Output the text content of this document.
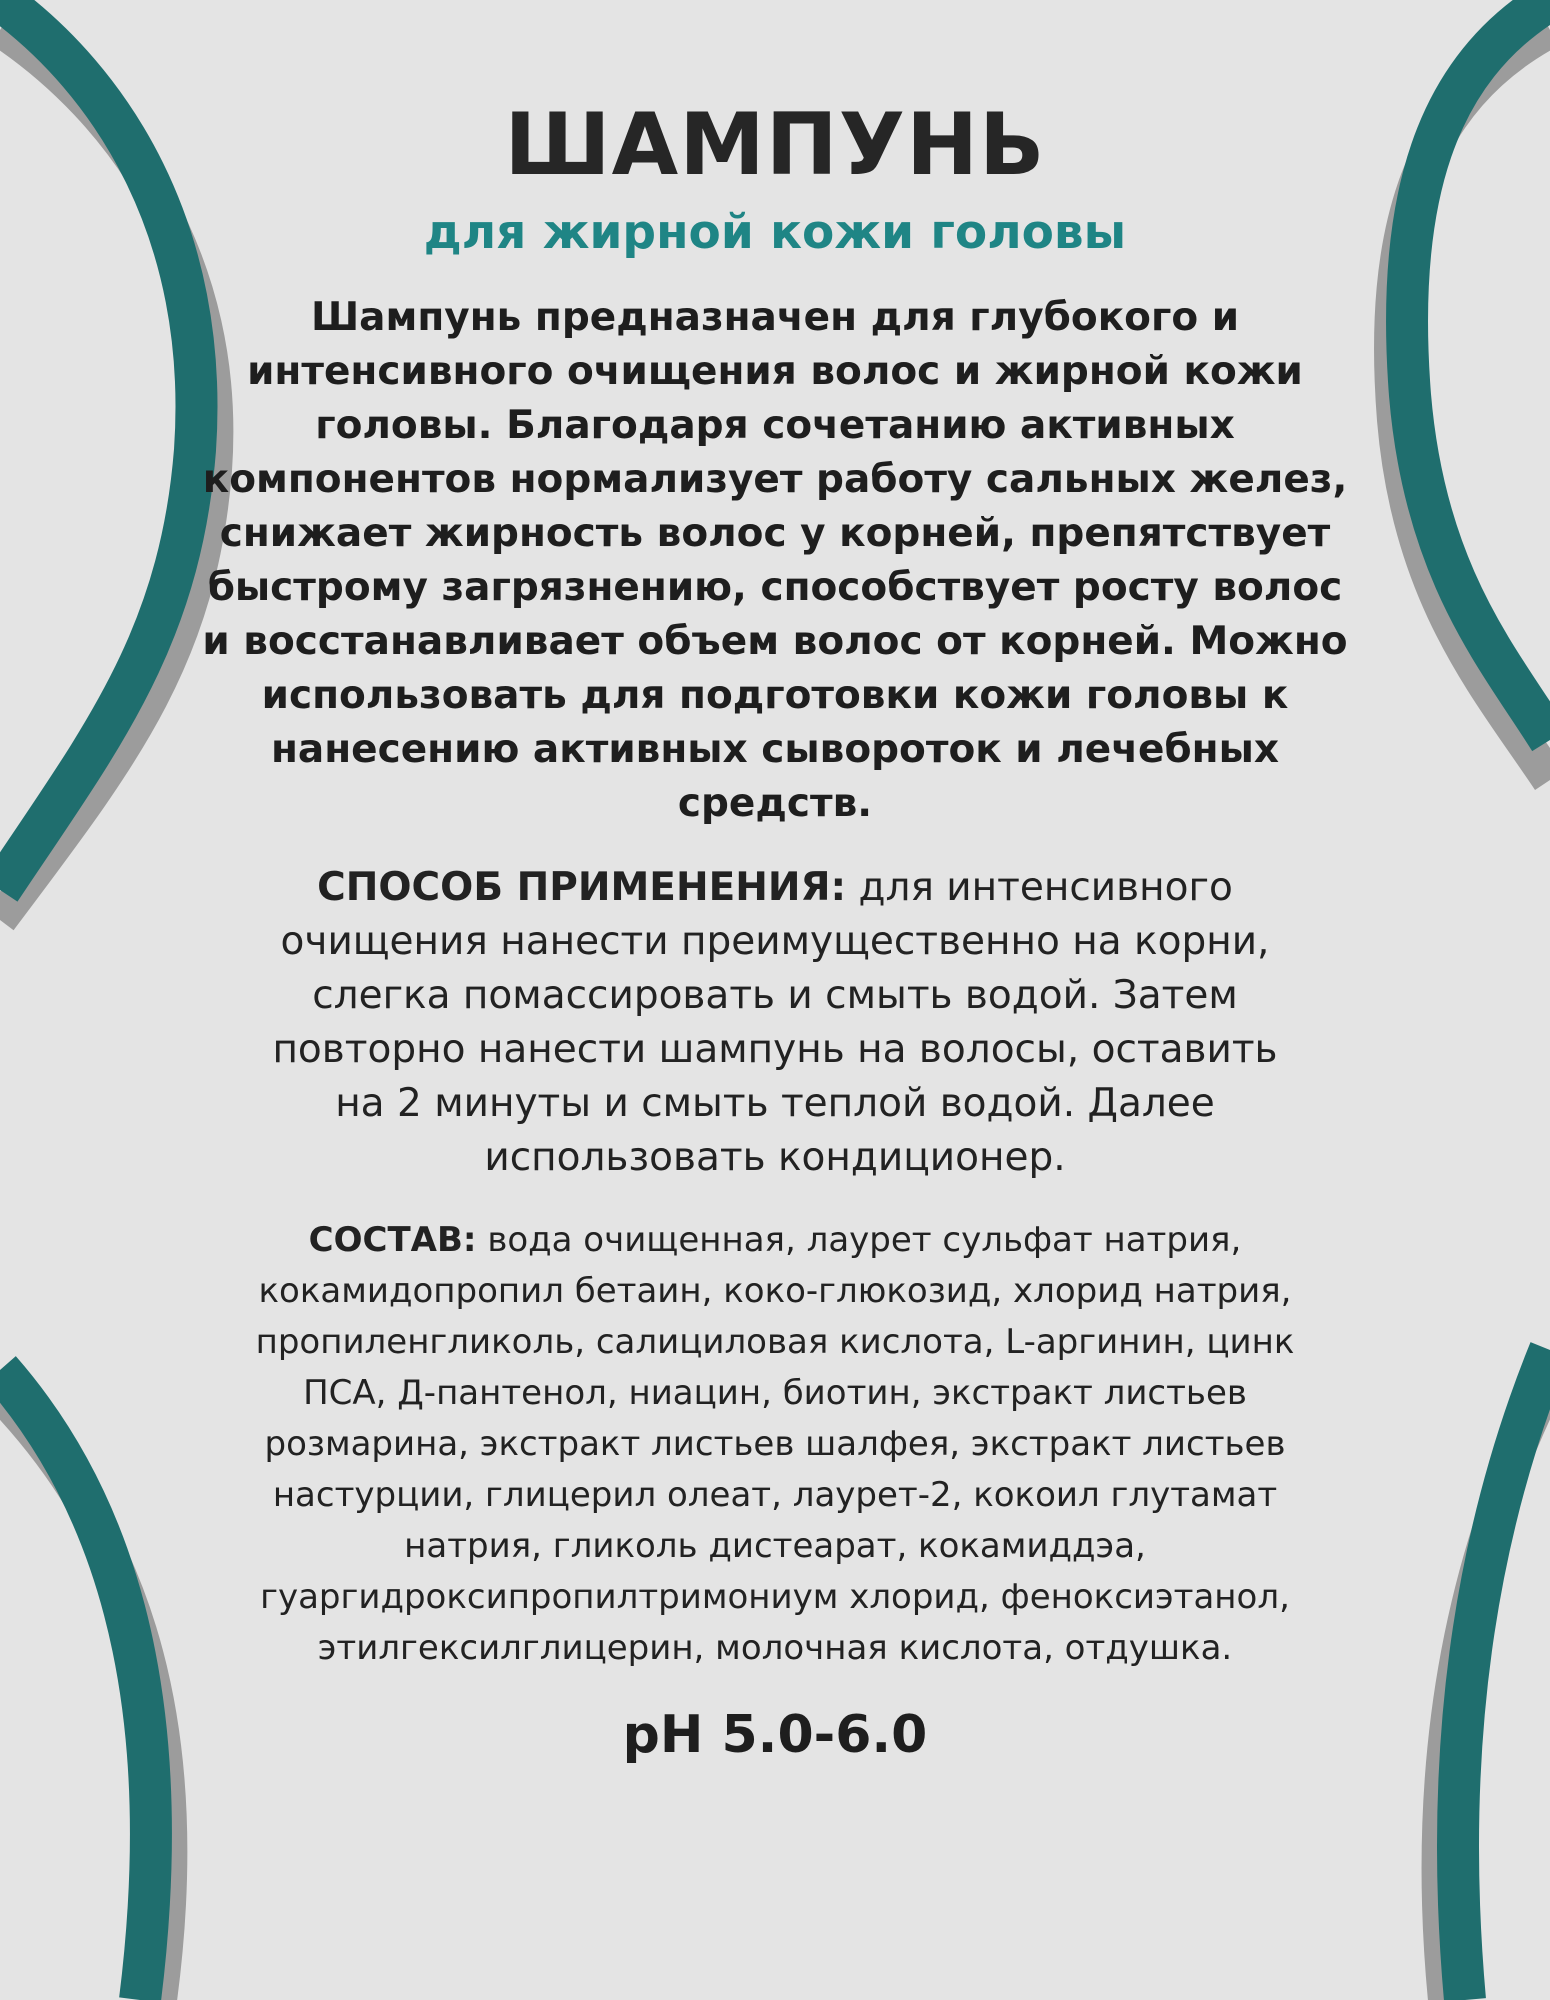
ШАМПУНЬ
для жирной кожи головы

Шампунь предназначен для глубокого и интенсивного очищения волос и жирной кожи головы. Благодаря сочетанию активных компонентов нормализует работу сальных желез, снижает жирность волос у корней, препятствует быстрому загрязнению, способствует росту волос и восстанавливает объем волос от корней. Можно использовать для подготовки кожи головы к нанесению активных сывороток и лечебных средств.

СПОСОБ ПРИМЕНЕНИЯ: для интенсивного очищения нанести преимущественно на корни, слегка помассировать и смыть водой. Затем повторно нанести шампунь на волосы, оставить на 2 минуты и смыть теплой водой. Далее использовать кондиционер.

СОСТАВ: вода очищенная, лаурет сульфат натрия, кокамидопропил бетаин, коко-глюкозид, хлорид натрия, пропиленгликоль, салициловая кислота, L-аргинин, цинк ПСА, Д-пантенол, ниацин, биотин, экстракт листьев розмарина, экстракт листьев шалфея, экстракт листьев настурции, глицерил олеат, лаурет-2, кокоил глутамат натрия, гликоль дистеарат, кокамиддэа, гуаргидроксипропилтримониум хлорид, феноксиэтанол, этилгексилглицерин, молочная кислота, отдушка.

pH 5.0-6.0
